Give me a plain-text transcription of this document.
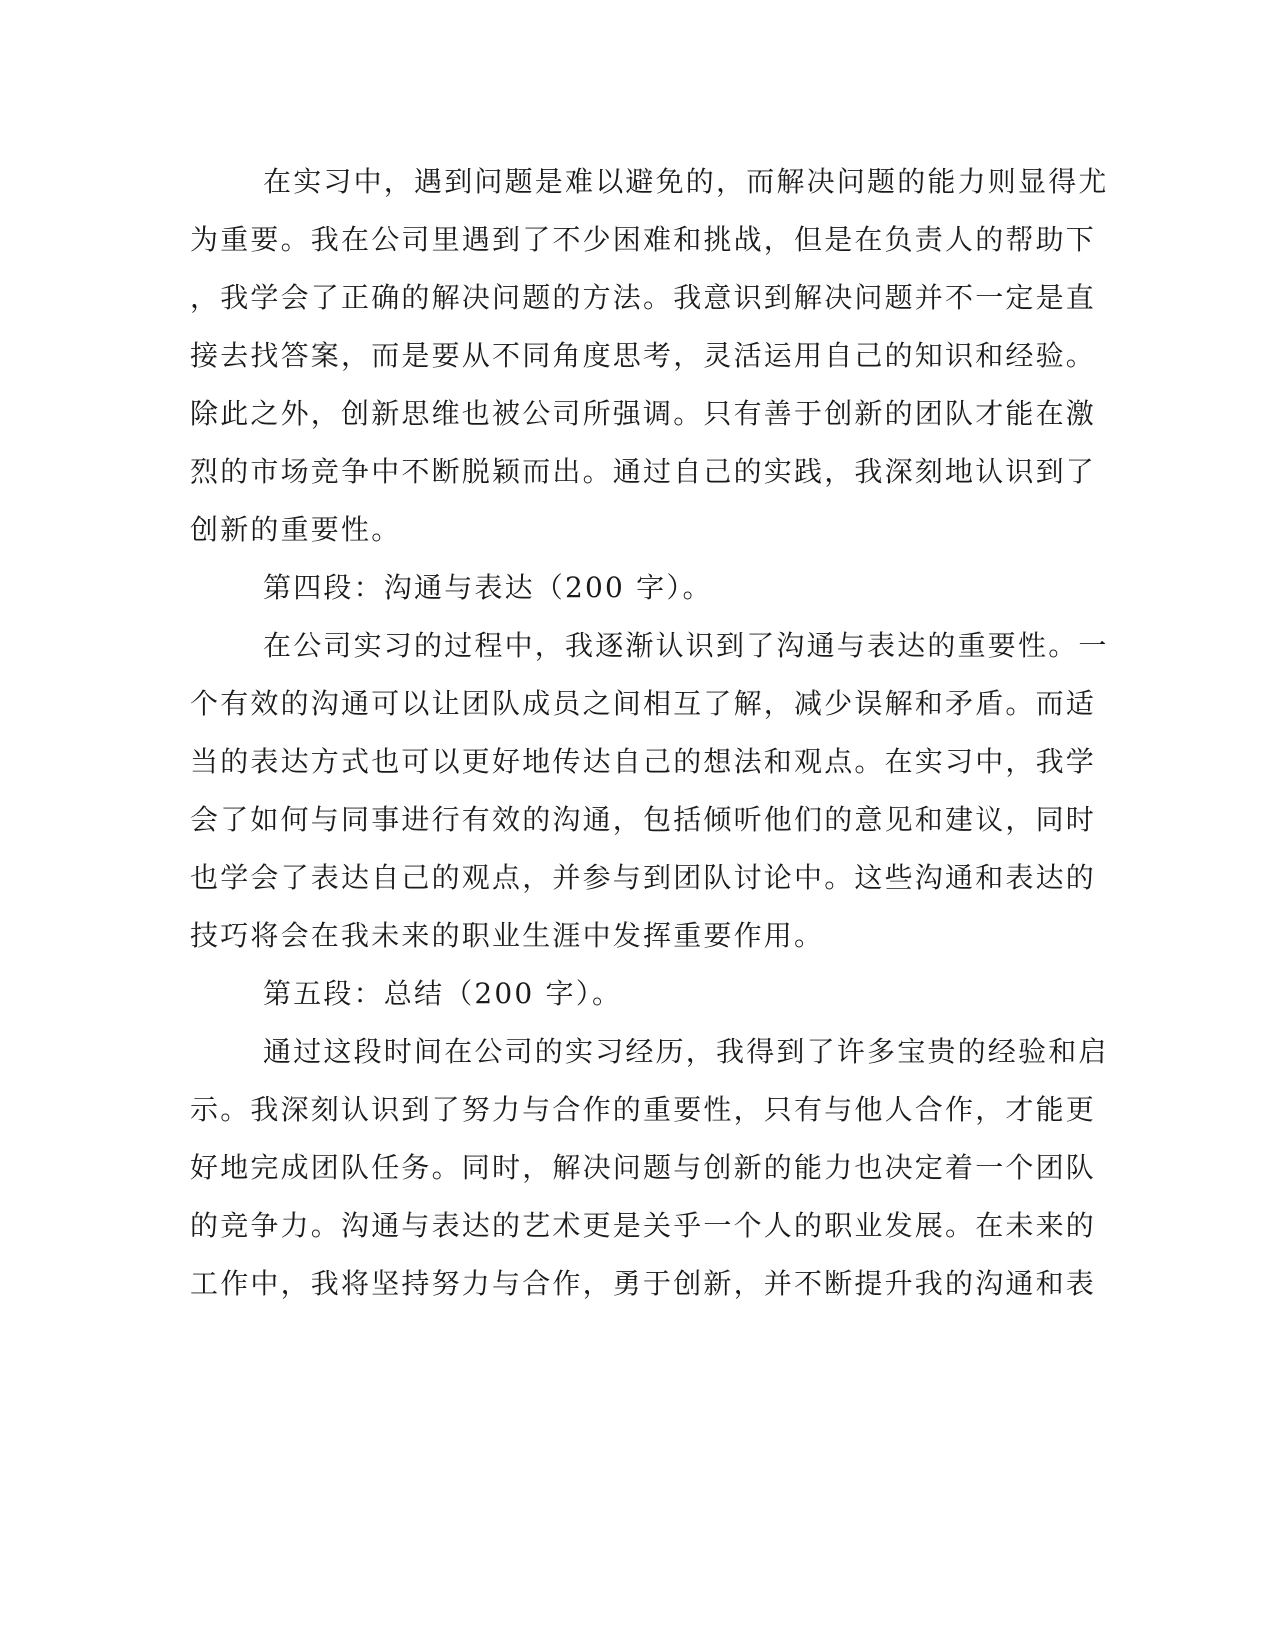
在实习中，遇到问题是难以避免的，而解决问题的能力则显得尤

为重要。我在公司里遇到了不少困难和挑战，但是在负责人的帮助下

，我学会了正确的解决问题的方法。我意识到解决问题并不一定是直

接去找答案，而是要从不同角度思考，灵活运用自己的知识和经验。

除此之外，创新思维也被公司所强调。只有善于创新的团队才能在激

烈的市场竞争中不断脱颖而出。通过自己的实践，我深刻地认识到了

创新的重要性。

第四段：沟通与表达（200 字）。

在公司实习的过程中，我逐渐认识到了沟通与表达的重要性。一

个有效的沟通可以让团队成员之间相互了解，减少误解和矛盾。而适

当的表达方式也可以更好地传达自己的想法和观点。在实习中，我学

会了如何与同事进行有效的沟通，包括倾听他们的意见和建议，同时

也学会了表达自己的观点，并参与到团队讨论中。这些沟通和表达的

技巧将会在我未来的职业生涯中发挥重要作用。

第五段：总结（200 字）。

通过这段时间在公司的实习经历，我得到了许多宝贵的经验和启

示。我深刻认识到了努力与合作的重要性，只有与他人合作，才能更

好地完成团队任务。同时，解决问题与创新的能力也决定着一个团队

的竞争力。沟通与表达的艺术更是关乎一个人的职业发展。在未来的

工作中，我将坚持努力与合作，勇于创新，并不断提升我的沟通和表
